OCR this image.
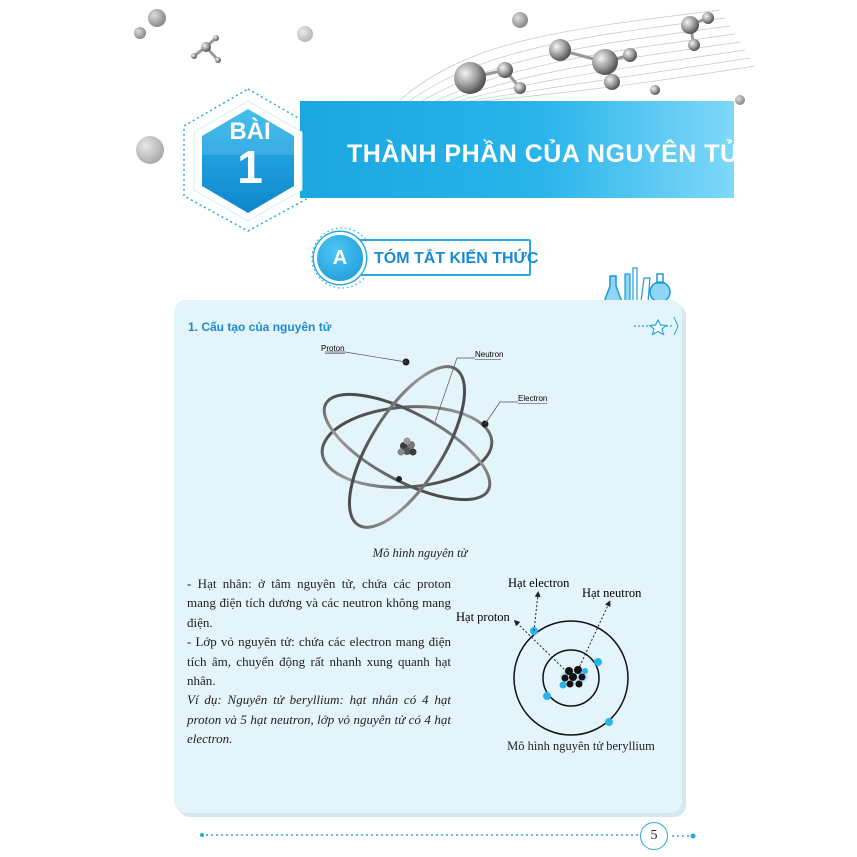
THÀNH PHẦN CỦA NGUYÊN TỬ
BÀI
1
A	TÓM TẮT KIẾN THỨC
1. Cấu tạo của nguyên tử
Proton
Neutron
Electron
Mô hình nguyên tử

- Hạt nhân: ở tâm nguyên tử, chứa các proton mang điện tích dương và các neutron không mang điện.

- Lớp vỏ nguyên tử: chứa các electron mang điện tích âm, chuyển động rất nhanh xung quanh hạt nhân.

Ví dụ: Nguyên tử beryllium: hạt nhân có 4 hạt proton và 5 hạt neutron, lớp vỏ nguyên tử có 4 hạt electron.

Hạt electron
Hạt neutron
Hạt proton
Mô hình nguyên tử beryllium
5
